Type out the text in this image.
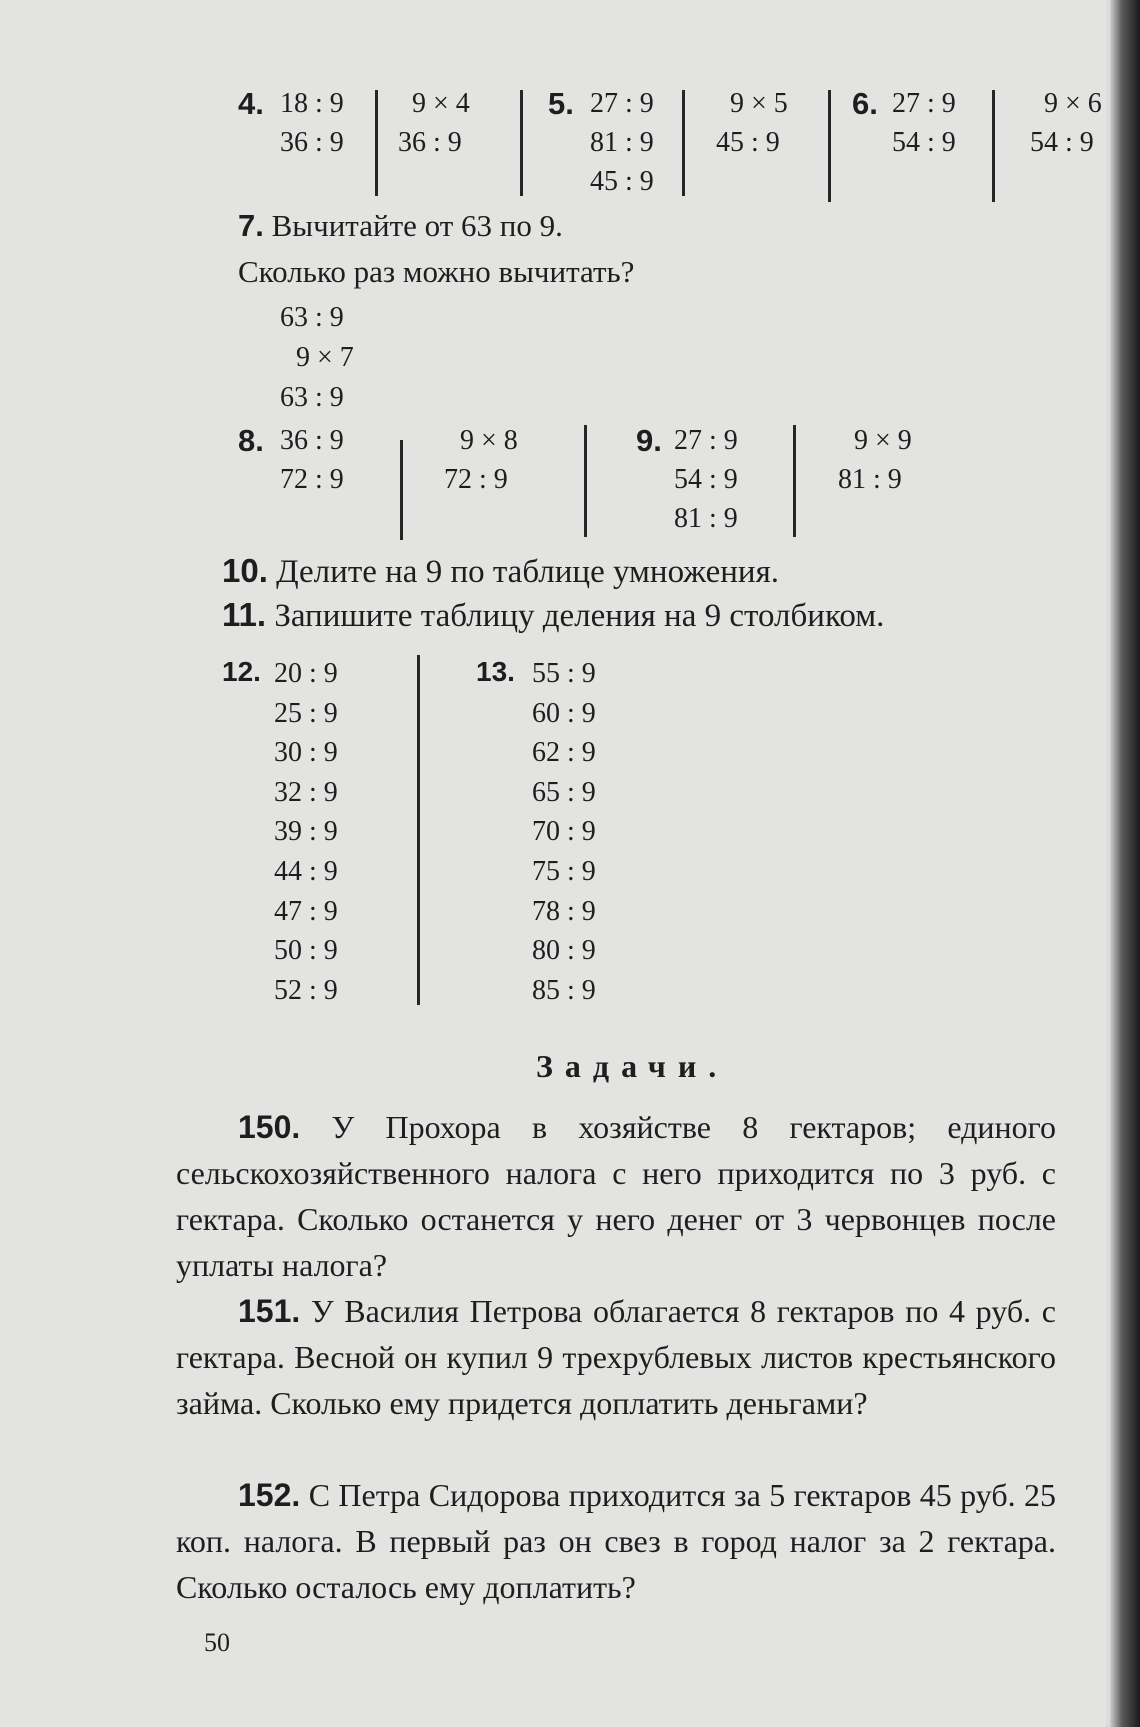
4. 18 : 9
36 : 9
9 × 4
36 : 9
5. 27 : 9
81 : 9
45 : 9
9 × 5
45 : 9
6. 27 : 9
54 : 9
9 × 6
54 : 9
7. Вычитайте от 63 по 9.
Сколько раз можно вычитать?
63 : 9
9 × 7
63 : 9
8. 36 : 9
72 : 9
9 × 8
72 : 9
9. 27 : 9
54 : 9
81 : 9
9 × 9
81 : 9
10. Делите на 9 по таблице умножения.
11. Запишите таблицу деления на 9 столбиком.
12. 20 : 9
25 : 9
30 : 9
32 : 9
39 : 9
44 : 9
47 : 9
50 : 9
52 : 9
13. 55 : 9
60 : 9
62 : 9
65 : 9
70 : 9
75 : 9
78 : 9
80 : 9
85 : 9
Задачи.
150. У Прохора в хозяйстве 8 гектаров; единого сельскохозяйственного налога с него приходится по 3 руб. с гектара. Сколько останется у него денег от 3 червонцев после уплаты налога?
151. У Василия Петрова облагается 8 гектаров по 4 руб. с гектара. Весной он купил 9 трехрублевых листов крестьянского займа. Сколько ему придется доплатить деньгами?
152. С Петра Сидорова приходится за 5 гектаров 45 руб. 25 коп. налога. В первый раз он свез в город налог за 2 гектара. Сколько осталось ему доплатить?
50
